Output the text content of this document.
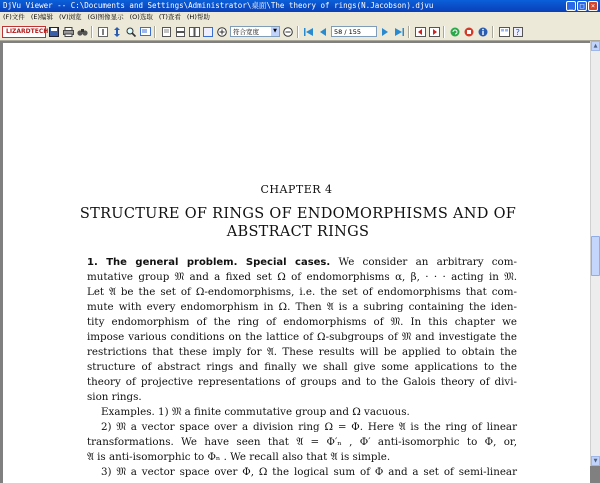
DjVu Viewer -- C:\Documents and Settings\Administrator\桌面\The theory of rings(N.Jacobson).djvu	_ □ ×
(F)文件 (E)编辑 (V)浏览 (G)图像显示 (O)选取 (T)查看 (H)帮助
LIZARDTECH	符合宽度	▼	58 / 155	?
CHAPTER 4
STRUCTURE OF RINGS OF ENDOMORPHISMS AND OF
ABSTRACT RINGS
1. The general problem. Special cases. We consider an arbitrary com-
mutative group 𝔐 and a fixed set Ω of endomorphisms α, β, · · · acting in 𝔐.
Let 𝔄 be the set of Ω-endomorphisms, i.e. the set of endomorphisms that com-
mute with every endomorphism in Ω. Then 𝔄 is a subring containing the iden-
tity endomorphism of the ring of endomorphisms of 𝔐. In this chapter we
impose various conditions on the lattice of Ω-subgroups of 𝔐 and investigate the
restrictions that these imply for 𝔄. These results will be applied to obtain the
structure of abstract rings and finally we shall give some applications to the
theory of projective representations of groups and to the Galois theory of divi-
sion rings.
Examples. 1) 𝔐 a finite commutative group and Ω vacuous.
2) 𝔐 a vector space over a division ring Ω = Φ. Here 𝔄 is the ring of linear
transformations. We have seen that 𝔄 = Φ′ₙ , Φ′ anti-isomorphic to Φ, or,
𝔄 is anti-isomorphic to Φₙ . We recall also that 𝔄 is simple.
3) 𝔐 a vector space over Φ, Ω the logical sum of Φ and a set of semi-linear
▲
▼
